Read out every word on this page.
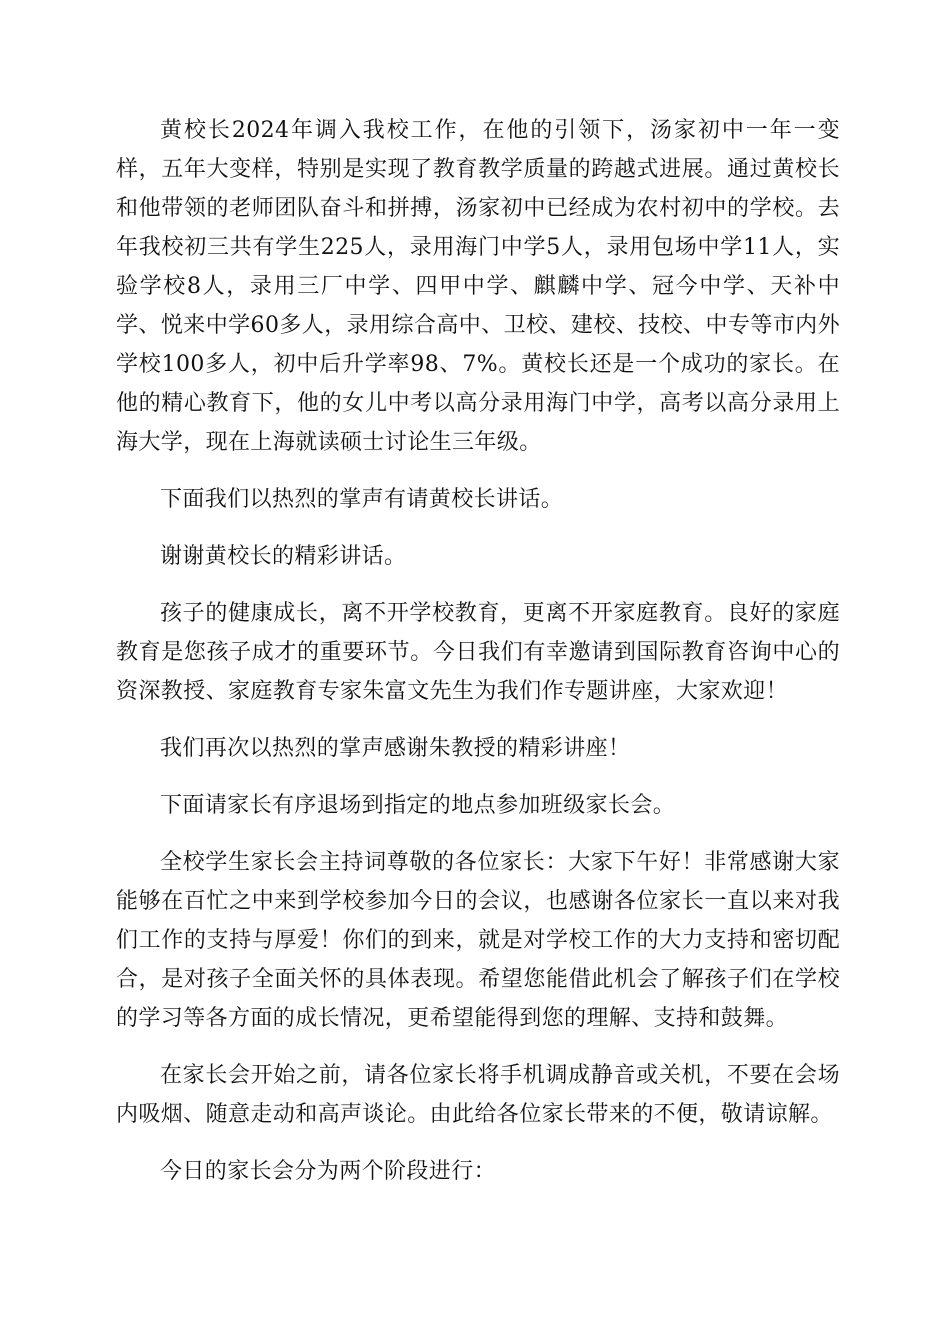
黄校长2024年调入我校工作，在他的引领下，汤家初中一年一变样，五年大变样，特别是实现了教育教学质量的跨越式进展。通过黄校长和他带领的老师团队奋斗和拼搏，汤家初中已经成为农村初中的学校。去年我校初三共有学生225人，录用海门中学5人，录用包场中学11人，实验学校8人，录用三厂中学、四甲中学、麒麟中学、冠今中学、天补中学、悦来中学60多人，录用综合高中、卫校、建校、技校、中专等市内外学校100多人，初中后升学率98、7%。黄校长还是一个成功的家长。在他的精心教育下，他的女儿中考以高分录用海门中学，高考以高分录用上海大学，现在上海就读硕士讨论生三年级。

下面我们以热烈的掌声有请黄校长讲话。

谢谢黄校长的精彩讲话。

孩子的健康成长，离不开学校教育，更离不开家庭教育。良好的家庭教育是您孩子成才的重要环节。今日我们有幸邀请到国际教育咨询中心的资深教授、家庭教育专家朱富文先生为我们作专题讲座，大家欢迎！

我们再次以热烈的掌声感谢朱教授的精彩讲座！

下面请家长有序退场到指定的地点参加班级家长会。

全校学生家长会主持词尊敬的各位家长：大家下午好！非常感谢大家能够在百忙之中来到学校参加今日的会议，也感谢各位家长一直以来对我们工作的支持与厚爱！你们的到来，就是对学校工作的大力支持和密切配合，是对孩子全面关怀的具体表现。希望您能借此机会了解孩子们在学校的学习等各方面的成长情况，更希望能得到您的理解、支持和鼓舞。

在家长会开始之前，请各位家长将手机调成静音或关机，不要在会场内吸烟、随意走动和高声谈论。由此给各位家长带来的不便，敬请谅解。

今日的家长会分为两个阶段进行：
